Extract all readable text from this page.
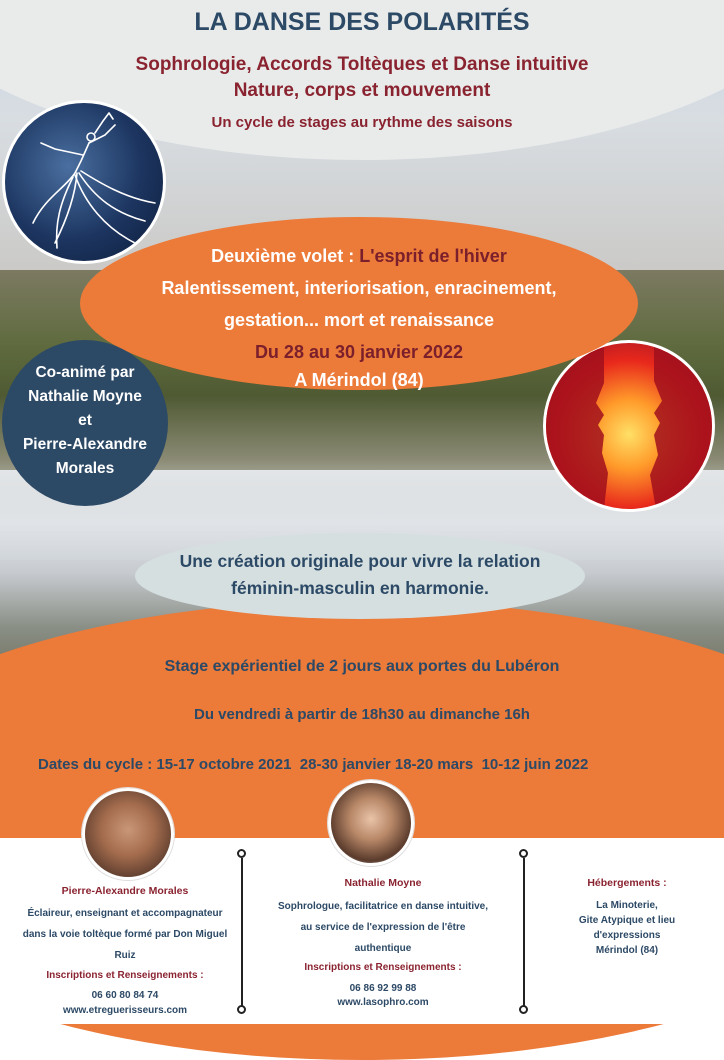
LA DANSE DES POLARITÉS
Sophrologie, Accords Toltèques et Danse intuitive
Nature, corps et mouvement
Un cycle de stages au rythme des saisons
Deuxième volet : L'esprit de l'hiver
Ralentissement, interiorisation, enracinement,
gestation... mort et renaissance
Du 28 au 30 janvier 2022
A Mérindol (84)
Co-animé par
Nathalie Moyne
et
Pierre-Alexandre
Morales
Une création originale pour vivre la relation
féminin-masculin en harmonie.
Stage expérientiel de 2 jours aux portes du Lubéron
Du vendredi à partir de 18h30 au dimanche 16h
Dates du cycle : 15-17 octobre 2021  28-30 janvier 18-20 mars  10-12 juin 2022
Pierre-Alexandre Morales
Éclaireur, enseignant et accompagnateur
dans la voie toltèque formé par Don Miguel
Ruiz
Inscriptions et Renseignements :
06 60 80 84 74
www.etreguerisseurs.com
Nathalie Moyne
Sophrologue, facilitatrice en danse intuitive,
au service de l'expression de l'être
authentique
Inscriptions et Renseignements :
06 86 92 99 88
www.lasophro.com
Hébergements :
La Minoterie,
Gite Atypique et lieu
d'expressions
Mérindol (84)
